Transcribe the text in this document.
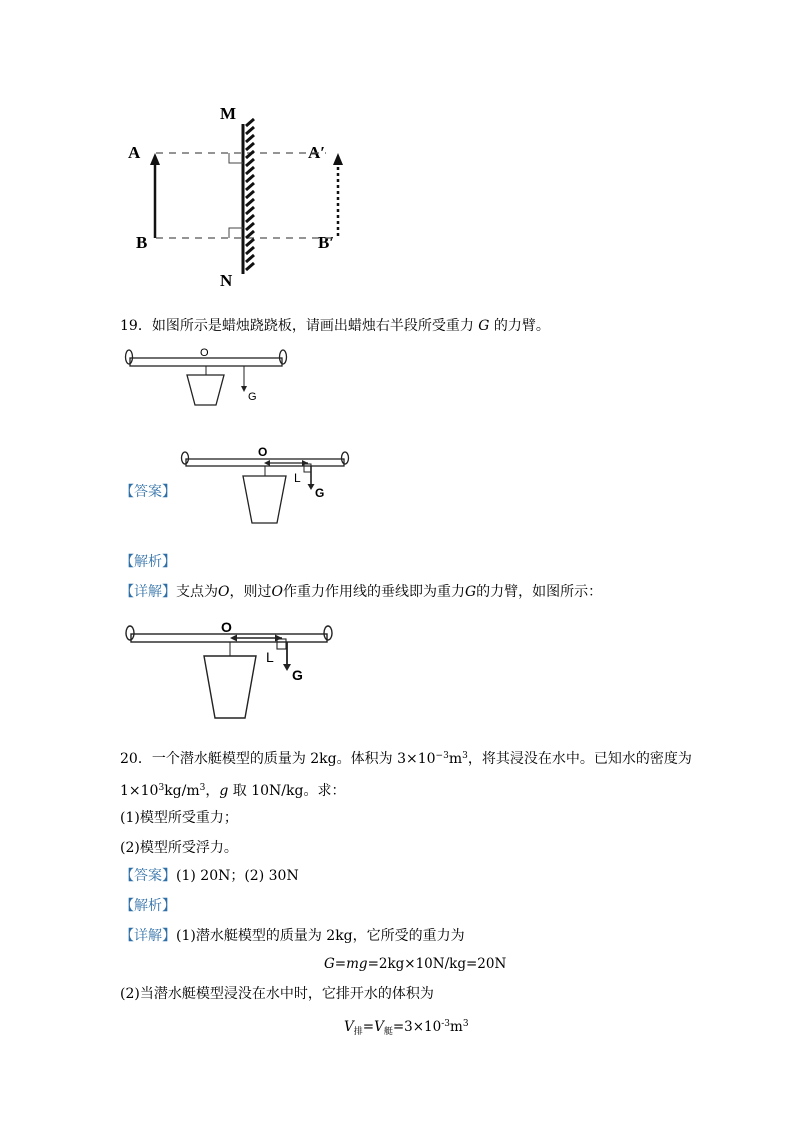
M
N
A
B
A′
B′
19．如图所示是蜡烛跷跷板，请画出蜡烛右半段所受重力 G 的力臂。
O
G
【答案】
O
L
G
【解析】
【详解】支点为O，则过O作重力作用线的垂线即为重力G的力臂，如图所示：
O
L
G
20．一个潜水艇模型的质量为 2kg。体积为 $3\times 10^{-3}m^3$，将其浸没在水中。已知水的密度为
$1\times 10^3kg/m^3$，g 取 10N/kg。求：
(1)模型所受重力；
(2)模型所受浮力。
【答案】(1) 20N；(2) 30N
【解析】
【详解】(1)潜水艇模型的质量为 2kg，它所受的重力为
G=mg=2kg×10N/kg=20N
(2)当潜水艇模型浸没在水中时，它排开水的体积为
$V_排=V_艇=3\times 10^{-3}m^3$
